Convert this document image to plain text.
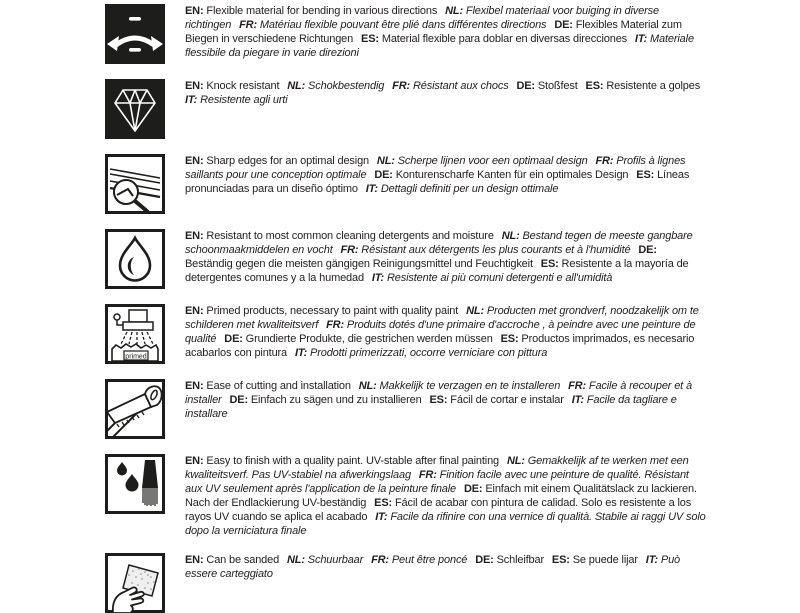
EN: Flexible material for bending in various directions NL: Flexibel materiaal voor buiging in diverse richtingen FR: Matériau flexible pouvant être plié dans différentes directions DE: Flexibles Material zum Biegen in verschiedene Richtungen ES: Material flexible para doblar en diversas direcciones IT: Materiale flessibile da piegare in varie direzioni

EN: Knock resistant NL: Schokbestendig FR: Résistant aux chocs DE: Stoßfest ES: Resistente a golpes IT: Resistente agli urti

EN: Sharp edges for an optimal design NL: Scherpe lijnen voor een optimaal design FR: Profils à lignes saillants pour une conception optimale DE: Konturenscharfe Kanten für ein optimales Design ES: Líneas pronunciadas para un diseño óptimo IT: Dettagli definiti per un design ottimale

EN: Resistant to most common cleaning detergents and moisture NL: Bestand tegen de meeste gangbare schoonmaakmiddelen en vocht FR: Résistant aux détergents les plus courants et à l'humidité DE: Beständig gegen die meisten gängigen Reinigungsmittel und Feuchtigkeit ES: Resistente a la mayoría de detergentes comunes y a la humedad IT: Resistente ai più comuni detergenti e all'umidità

primed

EN: Primed products, necessary to paint with quality paint NL: Producten met grondverf, noodzakelijk om te schilderen met kwaliteitsverf FR: Produits dotés d'une primaire d'accroche , à peindre avec une peinture de qualité DE: Grundierte Produkte, die gestrichen werden müssen ES: Productos imprimados, es necesario acabarlos con pintura IT: Prodotti primerizzati, occorre verniciare con pittura

EN: Ease of cutting and installation NL: Makkelijk te verzagen en te installeren FR: Facile à recouper et à installer DE: Einfach zu sägen und zu installieren ES: Fácil de cortar e instalar IT: Facile da tagliare e installare

EN: Easy to finish with a quality paint. UV-stable after final painting NL: Gemakkelijk af te werken met een kwaliteitsverf. Pas UV-stabiel na afwerkingslaag FR: Finition facile avec une peinture de qualité. Résistant aux UV seulement après l'application de la peinture finale DE: Einfach mit einem Qualitätslack zu lackieren. Nach der Endlackierung UV-beständig ES: Fácil de acabar con pintura de calidad. Solo es resistente a los rayos UV cuando se aplica el acabado IT: Facile da rifinire con una vernice di qualità. Stabile ai raggi UV solo dopo la verniciatura finale

EN: Can be sanded NL: Schuurbaar FR: Peut être poncé DE: Schleifbar ES: Se puede lijar IT: Può essere carteggiato
